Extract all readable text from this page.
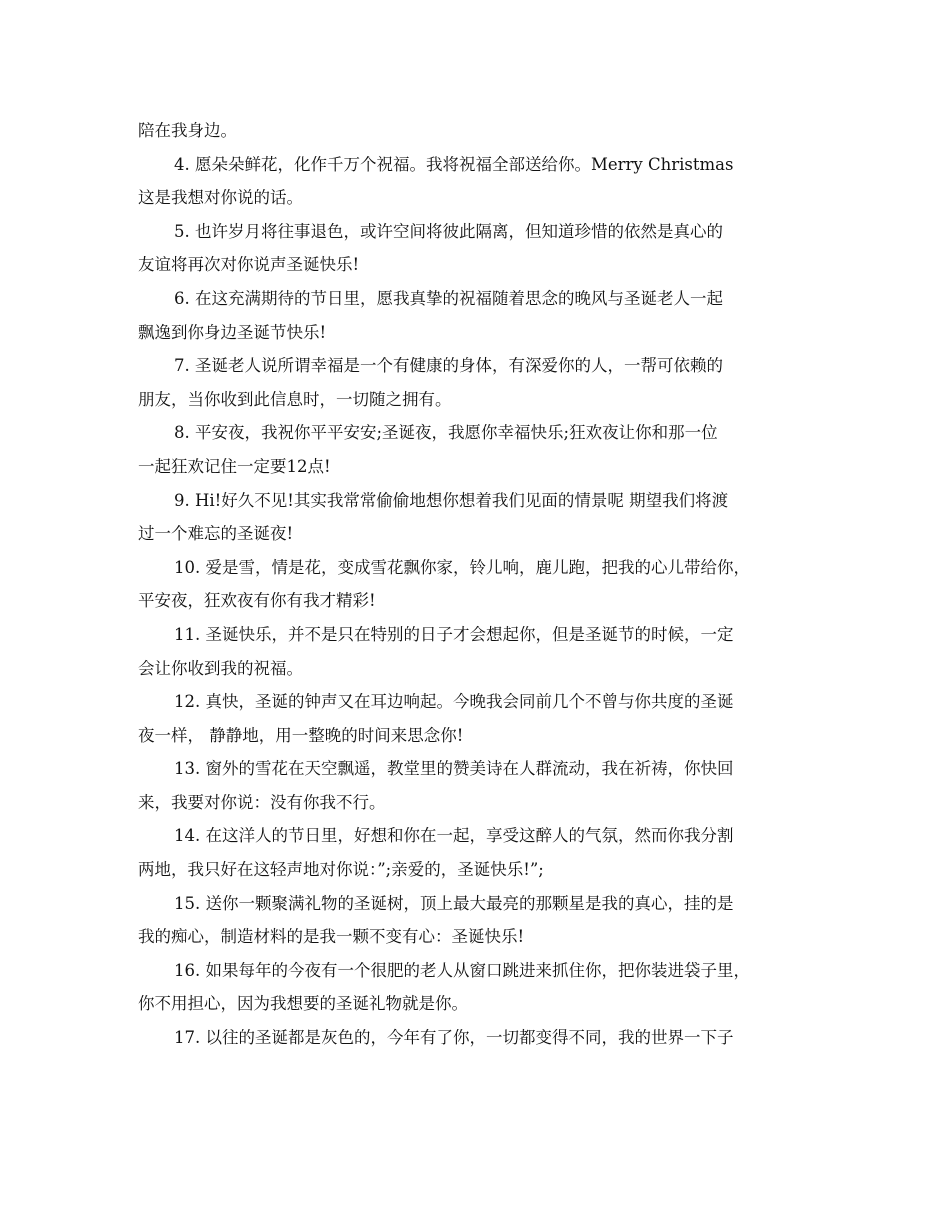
陪在我身边。
4. 愿朵朵鲜花，化作千万个祝福。我将祝福全部送给你。Merry Christmas
这是我想对你说的话。
5. 也许岁月将往事退色，或许空间将彼此隔离，但知道珍惜的依然是真心的
友谊将再次对你说声圣诞快乐!
6. 在这充满期待的节日里，愿我真挚的祝福随着思念的晚风与圣诞老人一起
飘逸到你身边圣诞节快乐!
7. 圣诞老人说所谓幸福是一个有健康的身体，有深爱你的人，一帮可依赖的
朋友，当你收到此信息时，一切随之拥有。
8. 平安夜，我祝你平平安安;圣诞夜，我愿你幸福快乐;狂欢夜让你和那一位
一起狂欢记住一定要12点!
9. Hi!好久不见!其实我常常偷偷地想你想着我们见面的情景呢 期望我们将渡
过一个难忘的圣诞夜!
10. 爱是雪，情是花，变成雪花飘你家，铃儿响，鹿儿跑，把我的心儿带给你，
平安夜，狂欢夜有你有我才精彩!
11. 圣诞快乐，并不是只在特别的日子才会想起你，但是圣诞节的时候，一定
会让你收到我的祝福。
12. 真快，圣诞的钟声又在耳边响起。今晚我会同前几个不曾与你共度的圣诞
夜一样， 静静地，用一整晚的时间来思念你!
13. 窗外的雪花在天空飘遥，教堂里的赞美诗在人群流动，我在祈祷，你快回
来，我要对你说：没有你我不行。
14. 在这洋人的节日里，好想和你在一起，享受这醉人的气氛，然而你我分割
两地，我只好在这轻声地对你说：”;亲爱的，圣诞快乐!”;
15. 送你一颗聚满礼物的圣诞树，顶上最大最亮的那颗星是我的真心，挂的是
我的痴心，制造材料的是我一颗不变有心：圣诞快乐!
16. 如果每年的今夜有一个很肥的老人从窗口跳进来抓住你，把你装进袋子里，
你不用担心，因为我想要的圣诞礼物就是你。
17. 以往的圣诞都是灰色的，今年有了你，一切都变得不同，我的世界一下子
